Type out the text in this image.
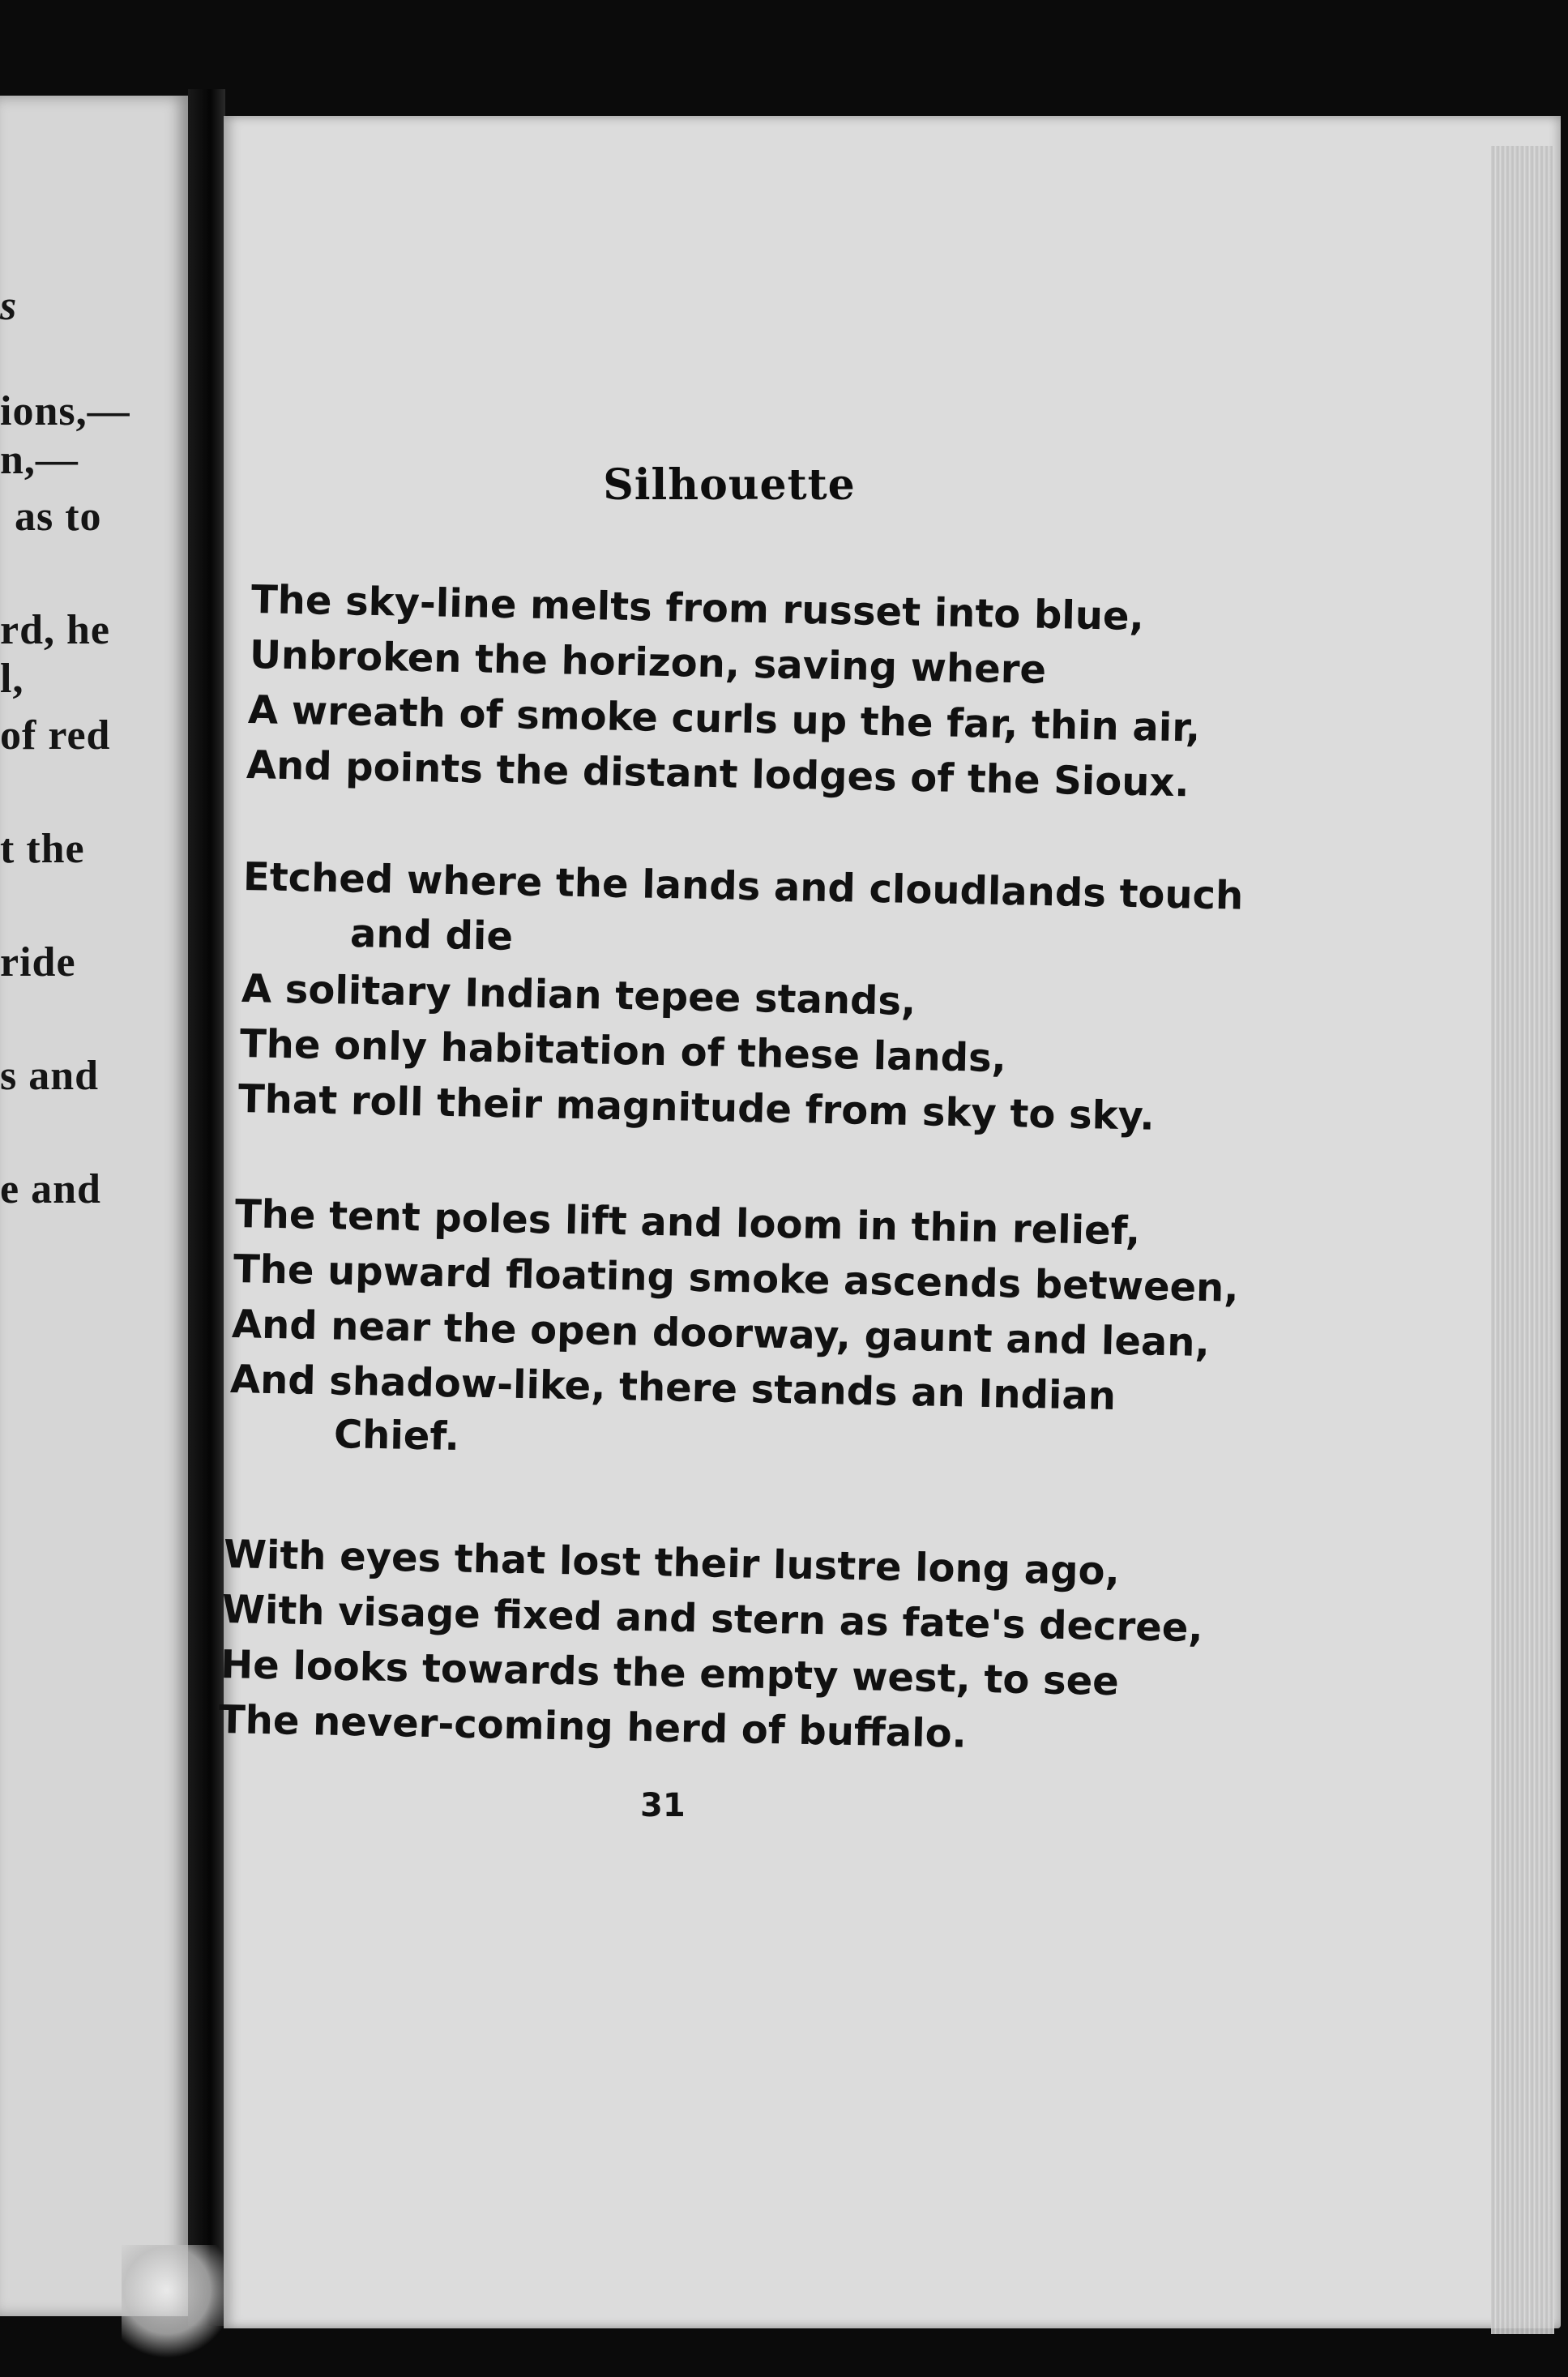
s
ions,—
n,—
as to
rd, he
l,
of red
t the
ride
s and
e and
Silhouette
The sky-line melts from russet into blue,
Unbroken the horizon, saving where
A wreath of smoke curls up the far, thin air,
And points the distant lodges of the Sioux.
Etched where the lands and cloudlands touch
and die
A solitary Indian tepee stands,
The only habitation of these lands,
That roll their magnitude from sky to sky.
The tent poles lift and loom in thin relief,
The upward floating smoke ascends between,
And near the open doorway, gaunt and lean,
And shadow-like, there stands an Indian
Chief.
With eyes that lost their lustre long ago,
With visage fixed and stern as fate's decree,
He looks towards the empty west, to see
The never-coming herd of buffalo.
31
